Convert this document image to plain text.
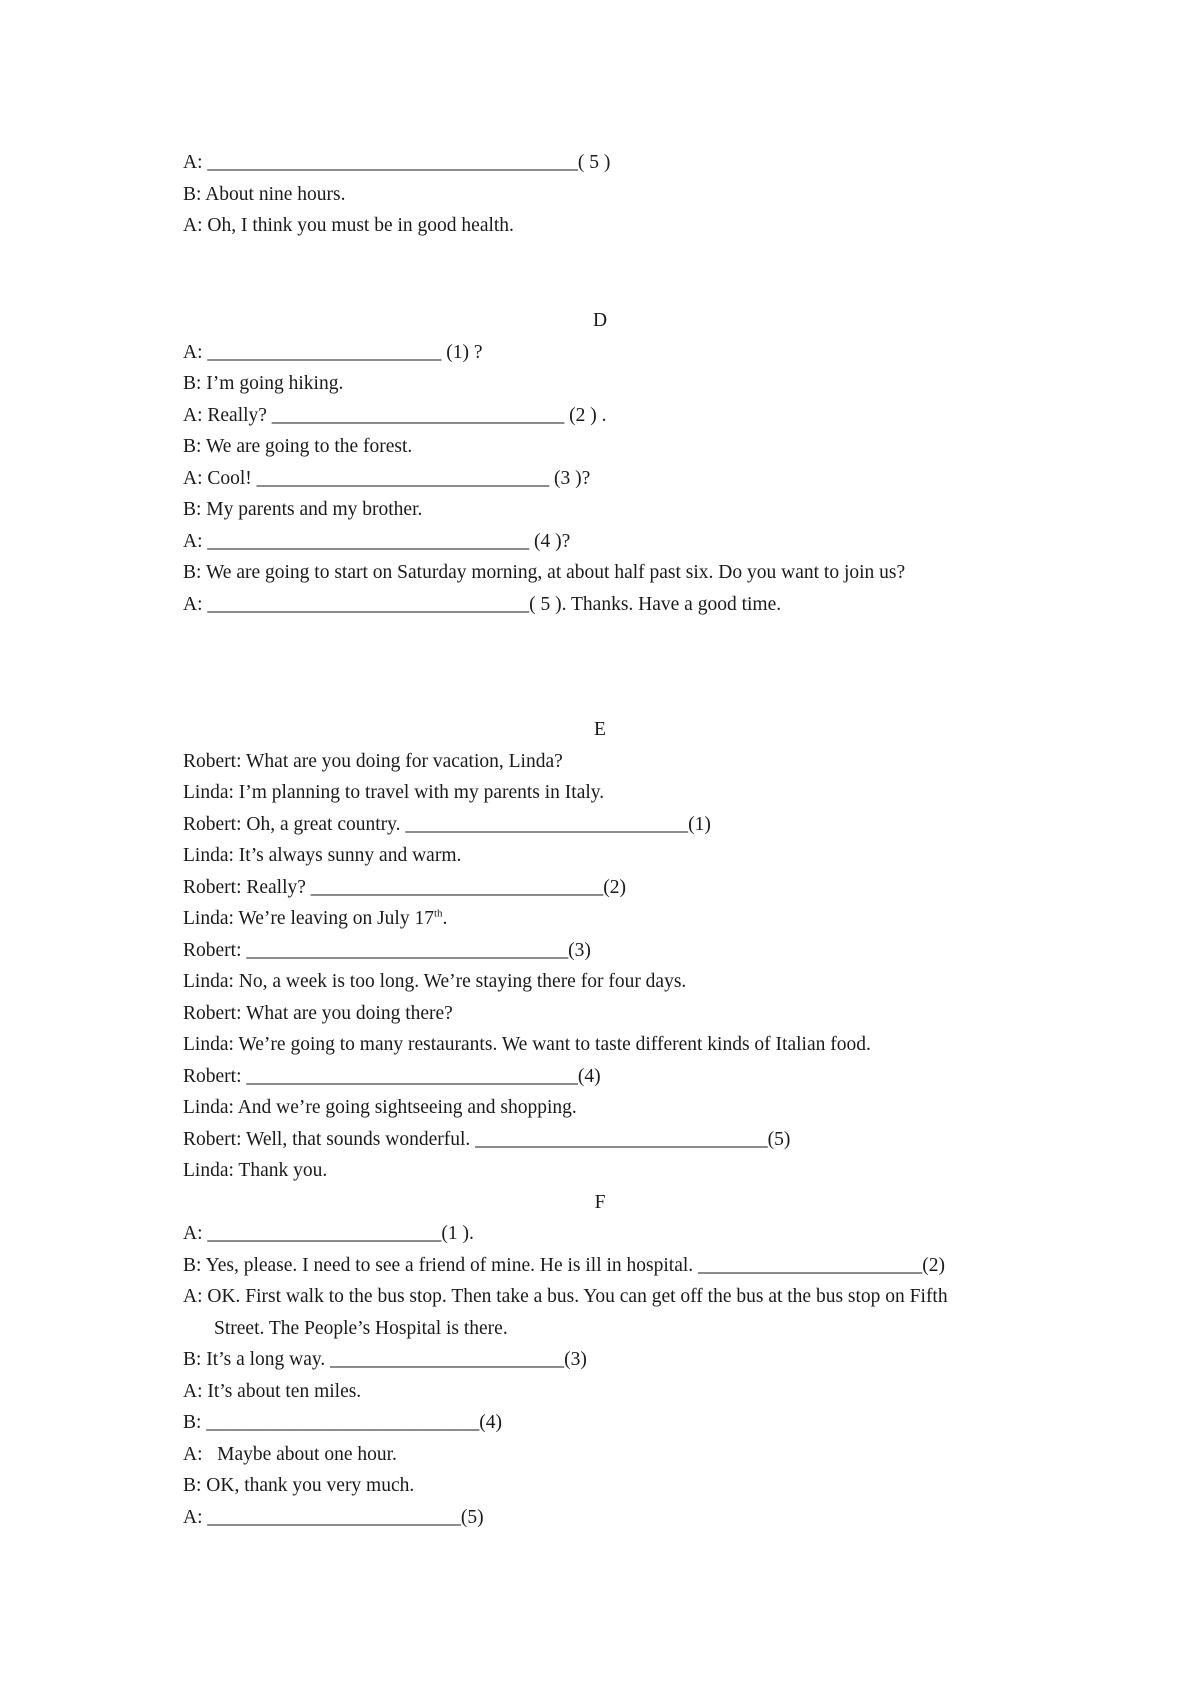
A: ______________________________________( 5 )
B: About nine hours.
A: Oh, I think you must be in good health.
D
A: ________________________ (1) ?
B: I’m going hiking.
A: Really? ______________________________ (2 ) .
B: We are going to the forest.
A: Cool! ______________________________ (3 )?
B: My parents and my brother.
A: _________________________________ (4 )?
B: We are going to start on Saturday morning, at about half past six. Do you want to join us?
A: _________________________________( 5 ). Thanks. Have a good time.
E
Robert: What are you doing for vacation, Linda?
Linda: I’m planning to travel with my parents in Italy.
Robert: Oh, a great country. _____________________________(1)
Linda: It’s always sunny and warm.
Robert: Really? ______________________________(2)
Linda: We’re leaving on July 17th.
Robert: _________________________________(3)
Linda: No, a week is too long. We’re staying there for four days.
Robert: What are you doing there?
Linda: We’re going to many restaurants. We want to taste different kinds of Italian food.
Robert: __________________________________(4)
Linda: And we’re going sightseeing and shopping.
Robert: Well, that sounds wonderful. ______________________________(5)
Linda: Thank you.
F
A: ________________________(1 ).
B: Yes, please. I need to see a friend of mine. He is ill in hospital. _______________________(2)
A: OK. First walk to the bus stop. Then take a bus. You can get off the bus at the bus stop on Fifth
Street. The People’s Hospital is there.
B: It’s a long way. ________________________(3)
A: It’s about ten miles.
B: ____________________________(4)
A:   Maybe about one hour.
B: OK, thank you very much.
A: __________________________(5)
